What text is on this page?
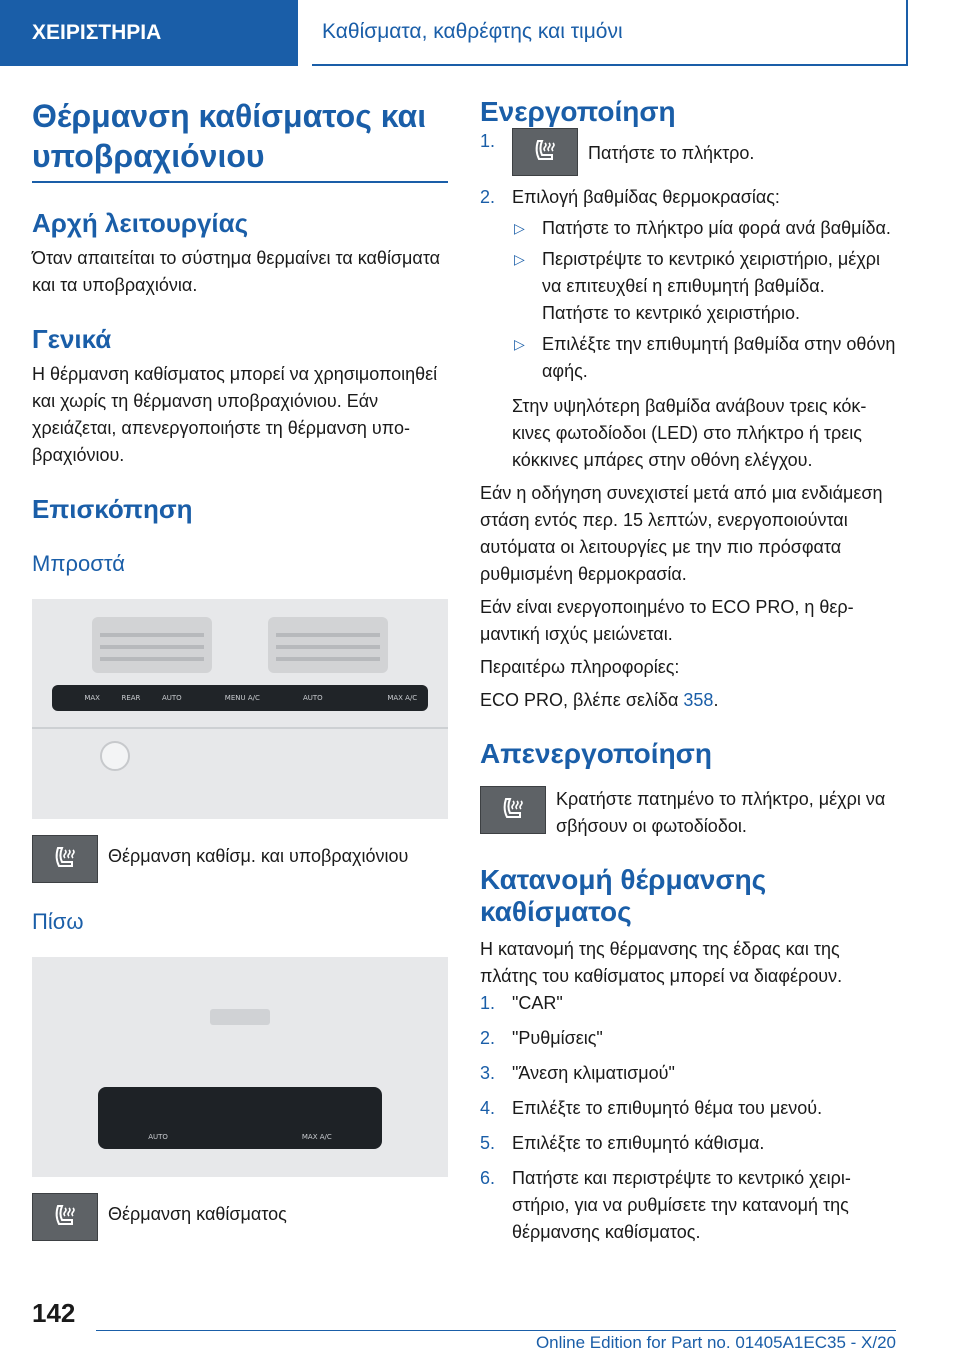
ΧΕΙΡΙΣΤΗΡΙΑ	Καθίσματα, καθρέφτης και τιμόνι
Θέρμανση καθίσματος και υποβραχιόνιου
Αρχή λειτουργίας

Όταν απαιτείται το σύστημα θερμαίνει τα καθίσματα και τα υποβραχιόνια.

Γενικά

Η θέρμανση καθίσματος μπορεί να χρησιμοποιηθεί και χωρίς τη θέρμανση υποβραχιόνιου. Εάν χρειάζεται, απενεργοποιήστε τη θέρμανση υποβραχιόνιου.

Επισκόπηση
Μπροστά
MAX	REAR	AUTO	MENU A/C	AUTO	MAX A/C

Θέρμανση καθίσμ. και υποβραχιόνιου

Πίσω
AUTO	MAX A/C

Θέρμανση καθίσματος

Ενεργοποίηση
1.
Πατήστε το πλήκτρο.
2. Επιλογή βαθμίδας θερμοκρασίας:
▷ Πατήστε το πλήκτρο μία φορά ανά βαθμίδα.
▷ Περιστρέψτε το κεντρικό χειριστήριο, μέχρι να επιτευχθεί η επιθυμητή βαθμίδα. Πατήστε το κεντρικό χειριστήριο.
▷ Επιλέξτε την επιθυμητή βαθμίδα στην οθόνη αφής.

Στην υψηλότερη βαθμίδα ανάβουν τρεις κόκκινες φωτοδίοδοι (LED) στο πλήκτρο ή τρεις κόκκινες μπάρες στην οθόνη ελέγχου.

Εάν η οδήγηση συνεχιστεί μετά από μια ενδιάμεση στάση εντός περ. 15 λεπτών, ενεργοποιούνται αυτόματα οι λειτουργίες με την πιο πρόσφατα ρυθμισμένη θερμοκρασία.

Εάν είναι ενεργοποιημένο το ECO PRO, η θερμαντική ισχύς μειώνεται.

Περαιτέρω πληροφορίες:

ECO PRO, βλέπε σελίδα 358.

Απενεργοποίηση

Κρατήστε πατημένο το πλήκτρο, μέχρι να σβήσουν οι φωτοδίοδοι.

Κατανομή θέρμανσης καθίσματος

Η κατανομή της θέρμανσης της έδρας και της πλάτης του καθίσματος μπορεί να διαφέρουν.

1. "CAR"
2. "Ρυθμίσεις"
3. "Άνεση κλιματισμού"
4. Επιλέξτε το επιθυμητό θέμα του μενού.
5. Επιλέξτε το επιθυμητό κάθισμα.
6. Πατήστε και περιστρέψτε το κεντρικό χειριστήριο, για να ρυθμίσετε την κατανομή της θέρμανσης καθίσματος.
142
Online Edition for Part no. 01405A1EC35 - X/20
